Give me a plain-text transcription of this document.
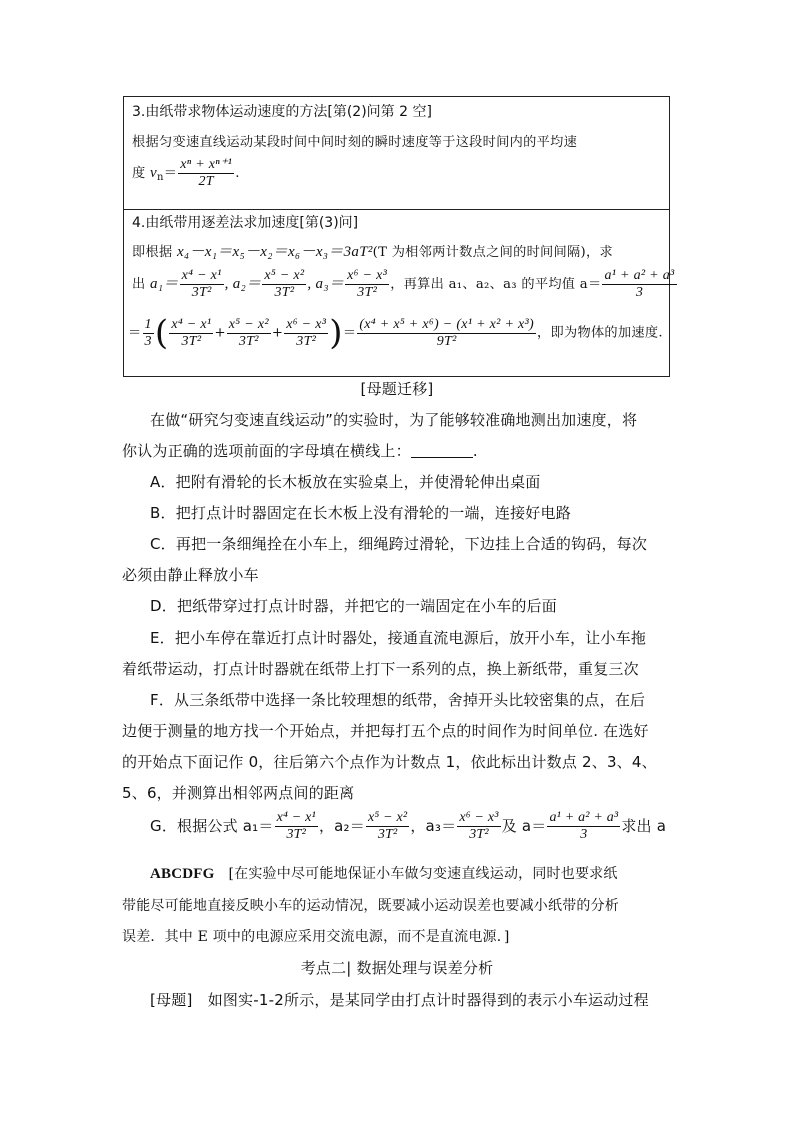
3.由纸带求物体运动速度的方法[第(2)问第 2 空]
根据匀变速直线运动某段时间中间时刻的瞬时速度等于这段时间内的平均速
度 $v_n= \frac{\text{xⁿ + xⁿ⁺¹}}{2T}$ .
4.由纸带用逐差法求加速度[第(3)问]
即根据 x₄－x₁＝x₅－x₂＝x₆－x₃＝3aT²(T 为相邻两计数点之间的时间间隔)，求
出 $a_1= \frac{\text{x⁴ − x¹}}{\text{3T²}}$ , $a_2= \frac{\text{x⁵ − x²}}{\text{3T²}}$ , $a_3= \frac{\text{x⁶ − x³}}{\text{3T²}}$ ，再算出 a₁、a₂、a₃ 的平均值 $a= \frac{\text{a¹ + a² + a³}}{3}$
＝ $\frac{1}{3}$ ( $\frac{\text{x⁴ − x¹}}{\text{3T²}} + \frac{\text{x⁵ − x²}}{\text{3T²}} + \frac{\text{x⁶ − x³}}{\text{3T²}}$ )＝ $\frac{\text{(x⁴ + x⁵ + x⁶) − (x¹ + x² + x³)}}{\text{9T²}}$ ，即为物体的加速度.
[母题迁移]
在做“研究匀变速直线运动”的实验时，为了能够较准确地测出加速度，将
你认为正确的选项前面的字母填在横线上：	.
A．把附有滑轮的长木板放在实验桌上，并使滑轮伸出桌面
B．把打点计时器固定在长木板上没有滑轮的一端，连接好电路
C．再把一条细绳拴在小车上，细绳跨过滑轮，下边挂上合适的钩码，每次
必须由静止释放小车
D．把纸带穿过打点计时器，并把它的一端固定在小车的后面
E．把小车停在靠近打点计时器处，接通直流电源后，放开小车，让小车拖
着纸带运动，打点计时器就在纸带上打下一系列的点，换上新纸带，重复三次
F．从三条纸带中选择一条比较理想的纸带，舍掉开头比较密集的点，在后
边便于测量的地方找一个开始点，并把每打五个点的时间作为时间单位. 在选好
的开始点下面记作 0，往后第六个点作为计数点 1，依此标出计数点 2、3、4、
5、6，并测算出相邻两点间的距离
G．根据公式 $a_1= \frac{\text{x⁴ − x¹}}{\text{3T²}}$ ，$a_2= \frac{\text{x⁵ − x²}}{\text{3T²}}$ ，$a_3= \frac{\text{x⁶ − x³}}{\text{3T²}}$ 及 $a= \frac{\text{a¹ + a² + a³}}{3}$ 求出 a
ABCDFG [在实验中尽可能地保证小车做匀变速直线运动，同时也要求纸
带能尽可能地直接反映小车的运动情况，既要减小运动误差也要减小纸带的分析
误差．其中 E 项中的电源应采用交流电源，而不是直流电源．]
考点二| 数据处理与误差分析
[母题]　如图实-1-2所示，是某同学由打点计时器得到的表示小车运动过程
